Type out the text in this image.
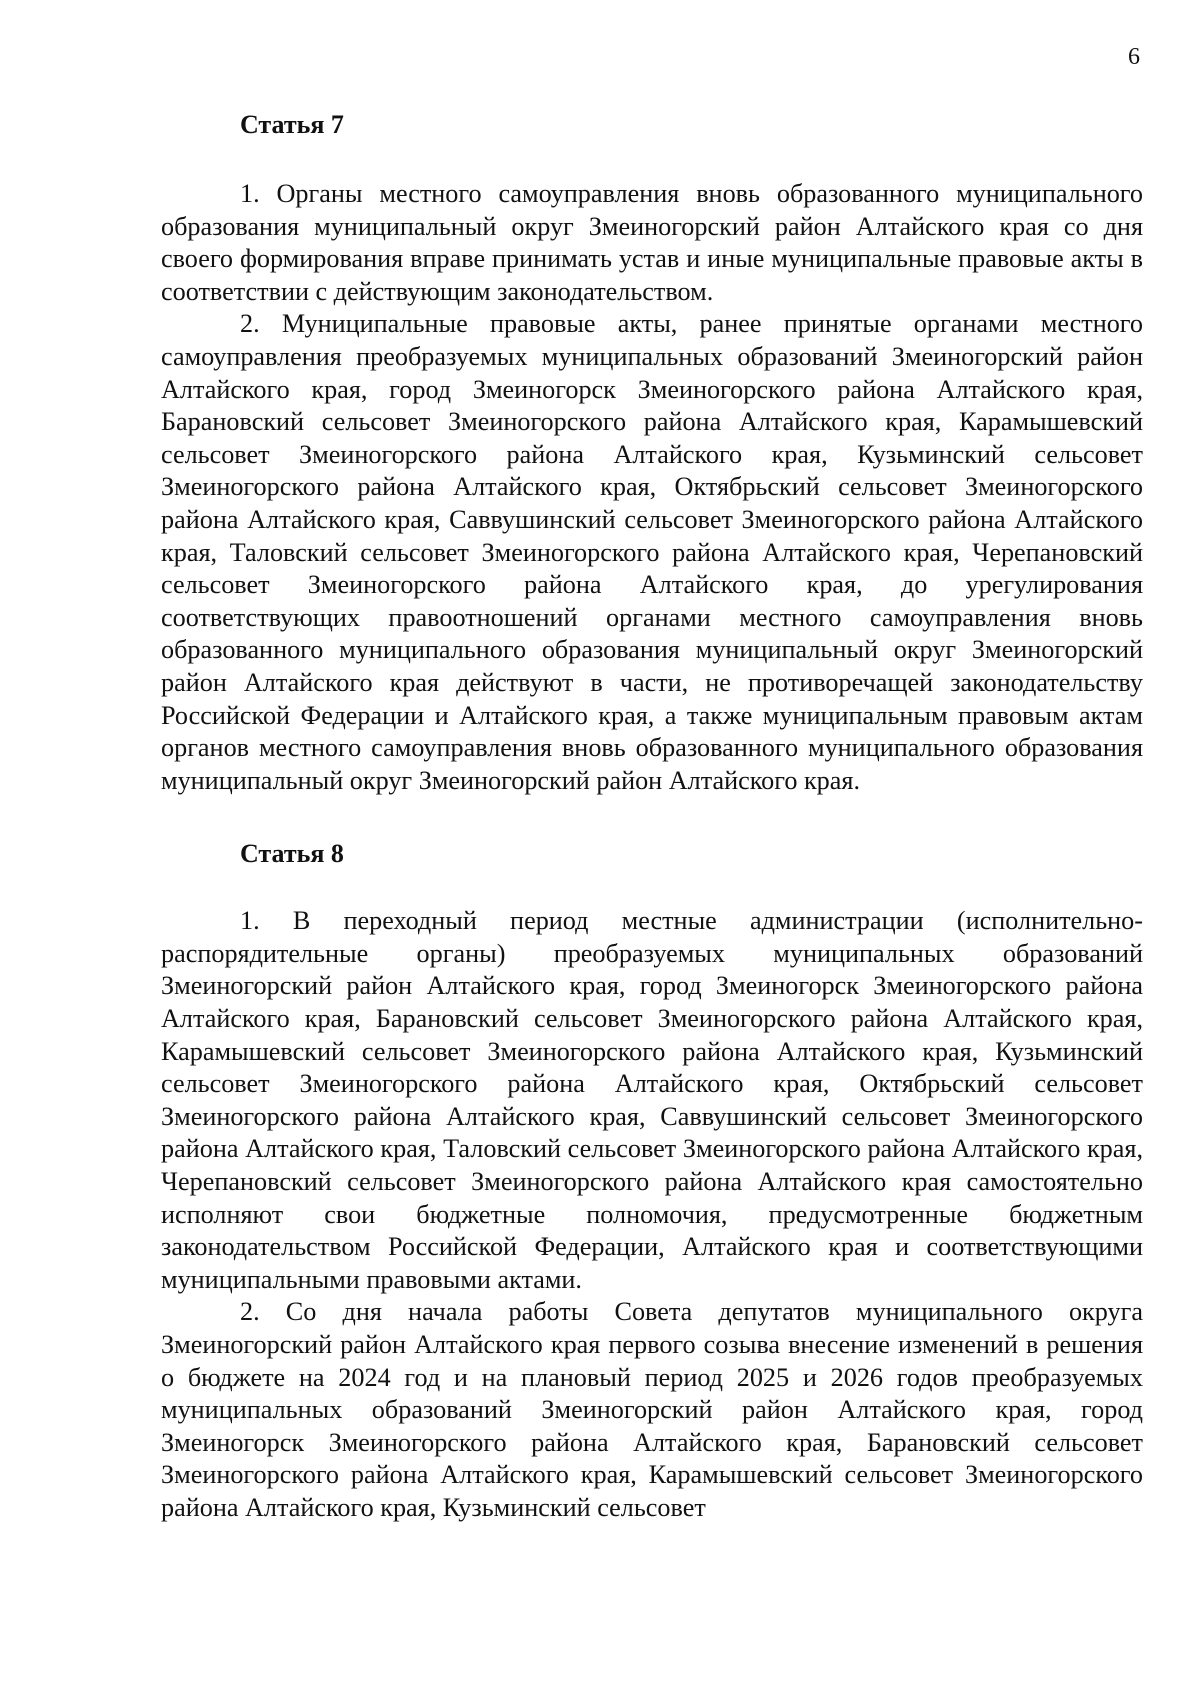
6
Статья 7

1. Органы местного самоуправления вновь образованного муниципального образования муниципальный округ Змеиногорский район Алтайского края со дня своего формирования вправе принимать устав и иные муниципальные правовые акты в соответствии с действующим законодательством.

2. Муниципальные правовые акты, ранее принятые органами местного самоуправления преобразуемых муниципальных образований Змеиногорский район Алтайского края, город Змеиногорск Змеиногорского района Алтайского края, Барановский сельсовет Змеиногорского района Алтайского края, Карамышевский сельсовет Змеиногорского района Алтайского края, Кузьминский сельсовет Змеиногорского района Алтайского края, Октябрьский сельсовет Змеиногорского района Алтайского края, Саввушинский сельсовет Змеиногорского района Алтайского края, Таловский сельсовет Змеиногорского района Алтайского края, Черепановский сельсовет Змеиногорского района Алтайского края, до урегулирования соответствующих правоотношений органами местного самоуправления вновь образованного муниципального образования муниципальный округ Змеиногорский район Алтайского края действуют в части, не противоречащей законодательству Российской Федерации и Алтайского края, а также муниципальным правовым актам органов местного самоуправления вновь образованного муниципального образования муниципальный округ Змеиногорский район Алтайского края.

Статья 8

1. В переходный период местные администрации (исполнительно-распорядительные органы) преобразуемых муниципальных образований Змеиногорский район Алтайского края, город Змеиногорск Змеиногорского района Алтайского края, Барановский сельсовет Змеиногорского района Алтайского края, Карамышевский сельсовет Змеиногорского района Алтайского края, Кузьминский сельсовет Змеиногорского района Алтайского края, Октябрьский сельсовет Змеиногорского района Алтайского края, Саввушинский сельсовет Змеиногорского района Алтайского края, Таловский сельсовет Змеиногорского района Алтайского края, Черепановский сельсовет Змеиногорского района Алтайского края самостоятельно исполняют свои бюджетные полномочия, предусмотренные бюджетным законодательством Российской Федерации, Алтайского края и соответствующими муниципальными правовыми актами.

2. Со дня начала работы Совета депутатов муниципального округа Змеиногорский район Алтайского края первого созыва внесение изменений в решения о бюджете на 2024 год и на плановый период 2025 и 2026 годов преобразуемых муниципальных образований Змеиногорский район Алтайского края, город Змеиногорск Змеиногорского района Алтайского края, Барановский сельсовет Змеиногорского района Алтайского края, Карамышевский сельсовет Змеиногорского района Алтайского края, Кузьминский сельсовет
